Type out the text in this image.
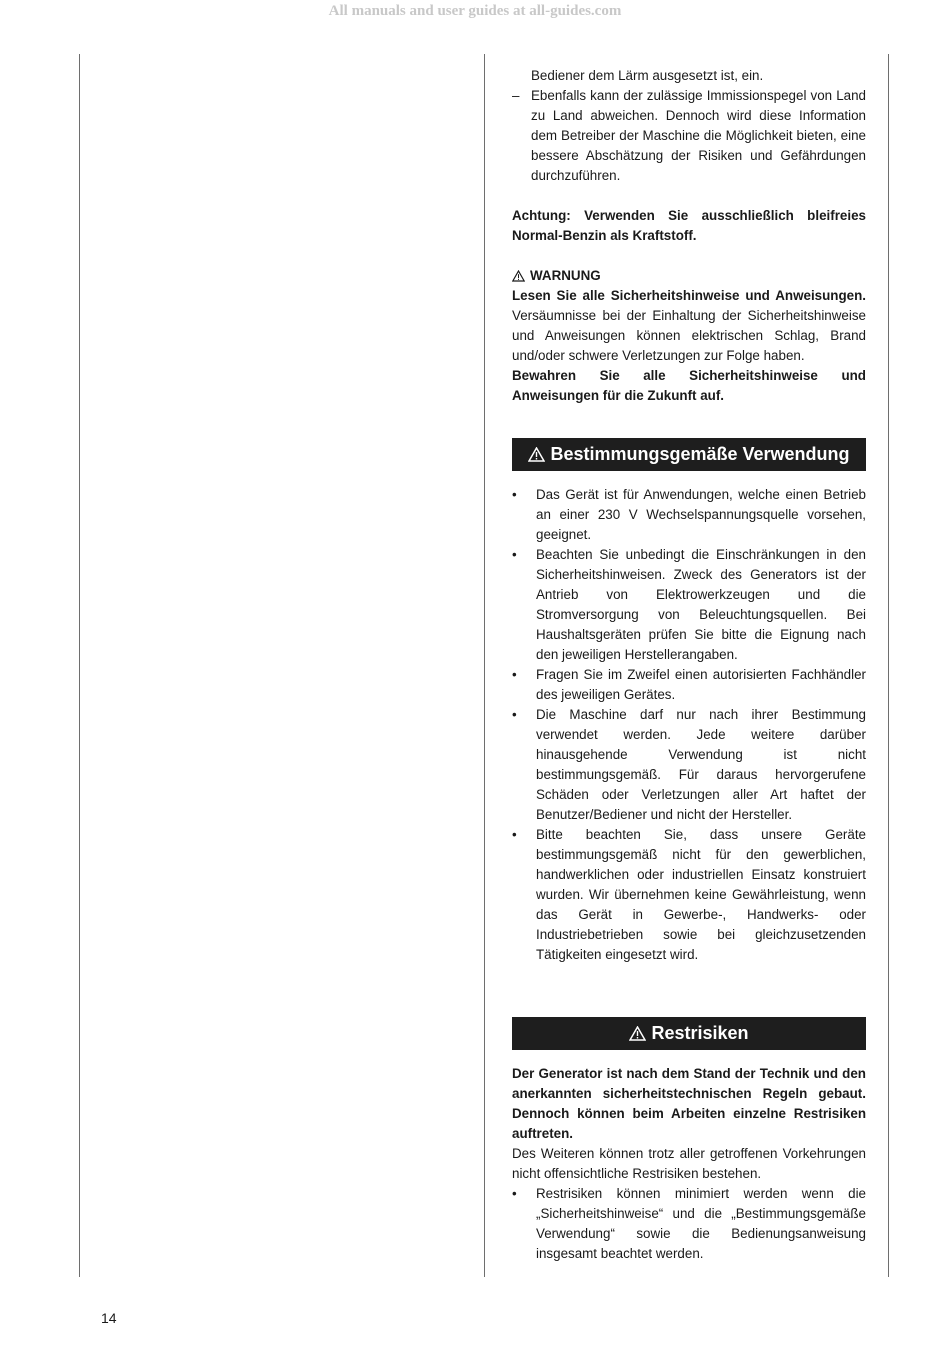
All manuals and user guides at all-guides.com
Bediener dem Lärm ausgesetzt ist, ein.
– Ebenfalls kann der zulässige Immissionspegel von Land zu Land abweichen. Dennoch wird diese Information dem Betreiber der Maschine die Möglichkeit bieten, eine bessere Abschätzung der Risiken und Gefährdungen durchzuführen.

Achtung: Verwenden Sie ausschließlich bleifreies Normal-Benzin als Kraftstoff.

WARNUNG

Lesen Sie alle Sicherheitshinweise und Anweisungen. Versäumnisse bei der Einhaltung der Sicherheitshinweise und Anweisungen können elektrischen Schlag, Brand und/oder schwere Verletzungen zur Folge haben.

Bewahren Sie alle Sicherheitshinweise und Anweisungen für die Zukunft auf.

Bestimmungsgemäße Verwendung
• Das Gerät ist für Anwendungen, welche einen Betrieb an einer 230 V Wechselspannungsquelle vorsehen, geeignet.
• Beachten Sie unbedingt die Einschränkungen in den Sicherheitshinweisen. Zweck des Generators ist der Antrieb von Elektrowerkzeugen und die Stromversorgung von Beleuchtungsquellen. Bei Haushaltsgeräten prüfen Sie bitte die Eignung nach den jeweiligen Herstellerangaben.
• Fragen Sie im Zweifel einen autorisierten Fachhändler des jeweiligen Gerätes.
• Die Maschine darf nur nach ihrer Bestimmung verwendet werden. Jede weitere darüber hinausgehende Verwendung ist nicht bestimmungsgemäß. Für daraus hervorgerufene Schäden oder Verletzungen aller Art haftet der Benutzer/Bediener und nicht der Hersteller.
• Bitte beachten Sie, dass unsere Geräte bestimmungsgemäß nicht für den gewerblichen, handwerklichen oder industriellen Einsatz konstruiert wurden. Wir übernehmen keine Gewährleistung, wenn das Gerät in Gewerbe-, Handwerks- oder Industriebetrieben sowie bei gleichzusetzenden Tätigkeiten eingesetzt wird.
Restrisiken

Der Generator ist nach dem Stand der Technik und den anerkannten sicherheitstechnischen Regeln gebaut. Dennoch können beim Arbeiten einzelne Restrisiken auftreten.

Des Weiteren können trotz aller getroffenen Vorkehrungen nicht offensichtliche Restrisiken bestehen.

• Restrisiken können minimiert werden wenn die „Sicherheitshinweise“ und die „Bestimmungsgemäße Verwendung“ sowie die Bedienungsanweisung insgesamt beachtet werden.
14
